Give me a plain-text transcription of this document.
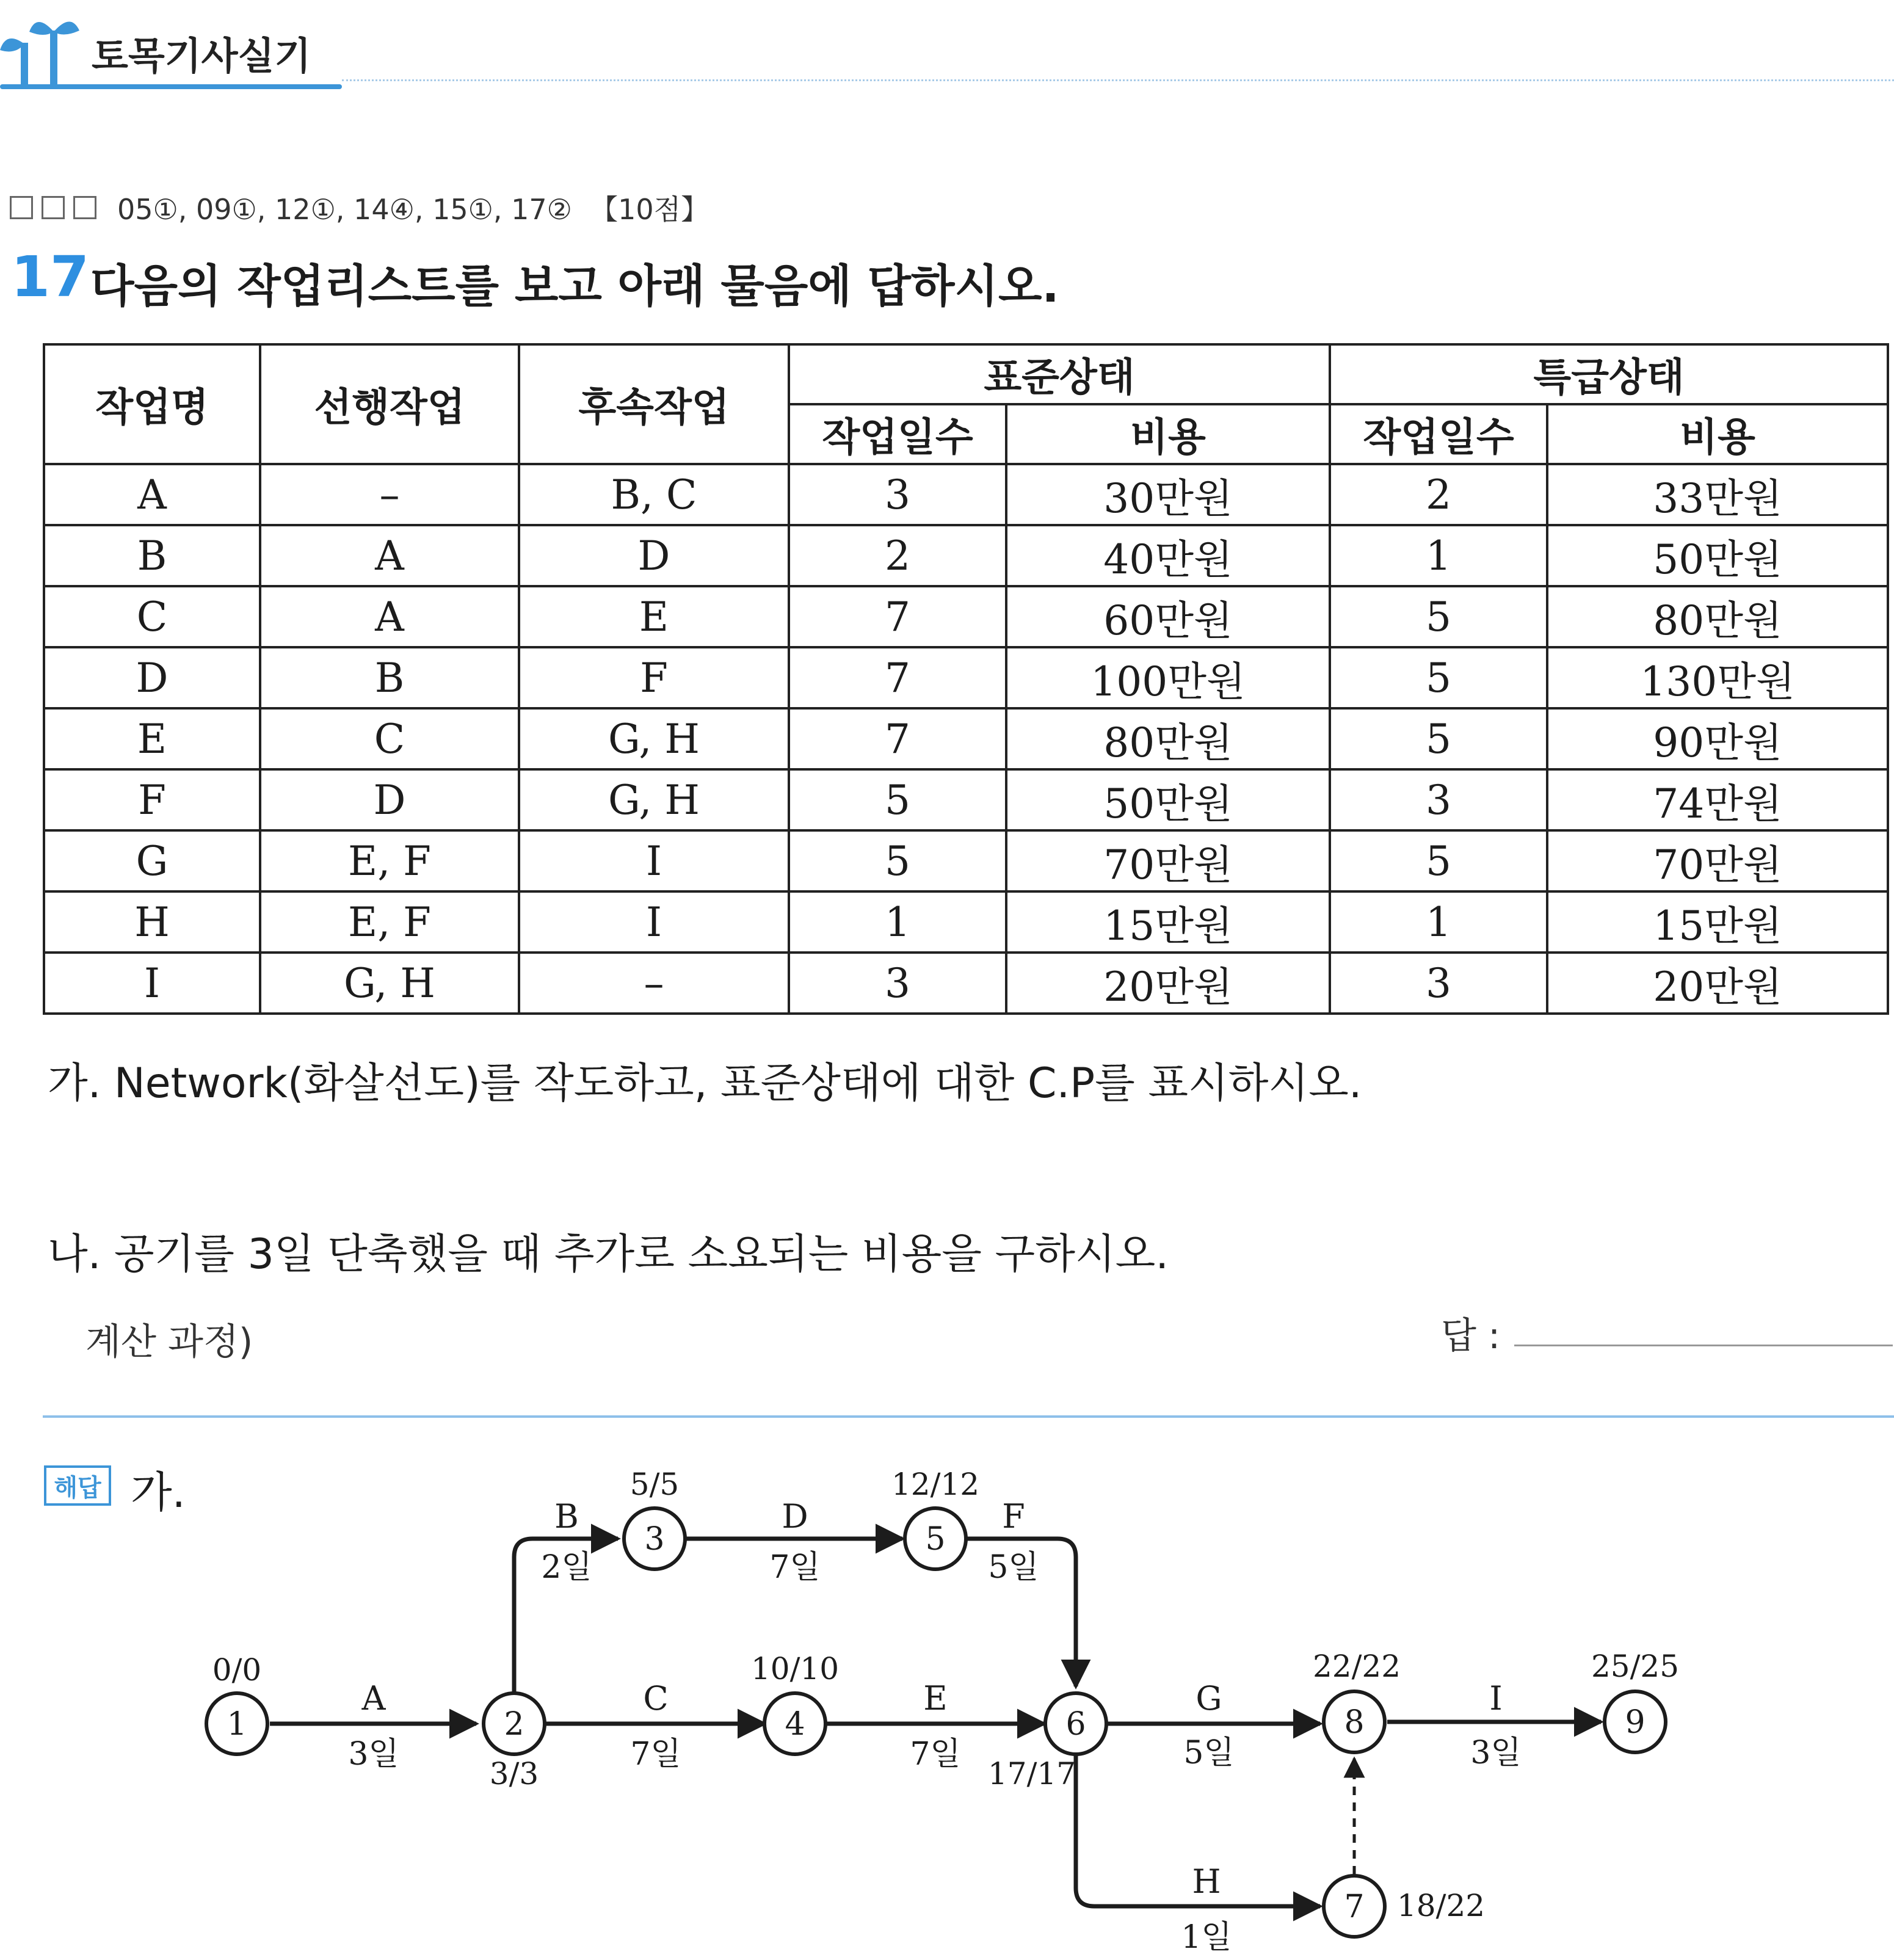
토목기사실기
05①, 09①, 12①, 14④, 15①, 17② 【10점】
17 다음의 작업리스트를 보고 아래 물음에 답하시오.
작업명	선행작업	후속작업	표준상태		특급상태	
			작업일수	비용	작업일수	비용
A	–	B, C	3	30만원	2	33만원
B	A	D	2	40만원	1	50만원
C	A	E	7	60만원	5	80만원
D	B	F	7	100만원	5	130만원
E	C	G, H	7	80만원	5	90만원
F	D	G, H	5	50만원	3	74만원
G	E, F	I	5	70만원	5	70만원
H	E, F	I	1	15만원	1	15만원
I	G, H	–	3	20만원	3	20만원
가. Network(화살선도)를 작도하고, 표준상태에 대한 C.P를 표시하시오.
나. 공기를 3일 단축했을 때 추가로 소요되는 비용을 구하시오.
계산 과정)	답 :
해답 가.
1	2
3
4
5
6
7
8	9
0/0
3/3
5/5
10/10
12/12
17/17
18/22
22/22	25/25
A
3일
B
2일
C
7일
D
7일
E
7일
F
5일
G
5일
H
1일
I
3일
